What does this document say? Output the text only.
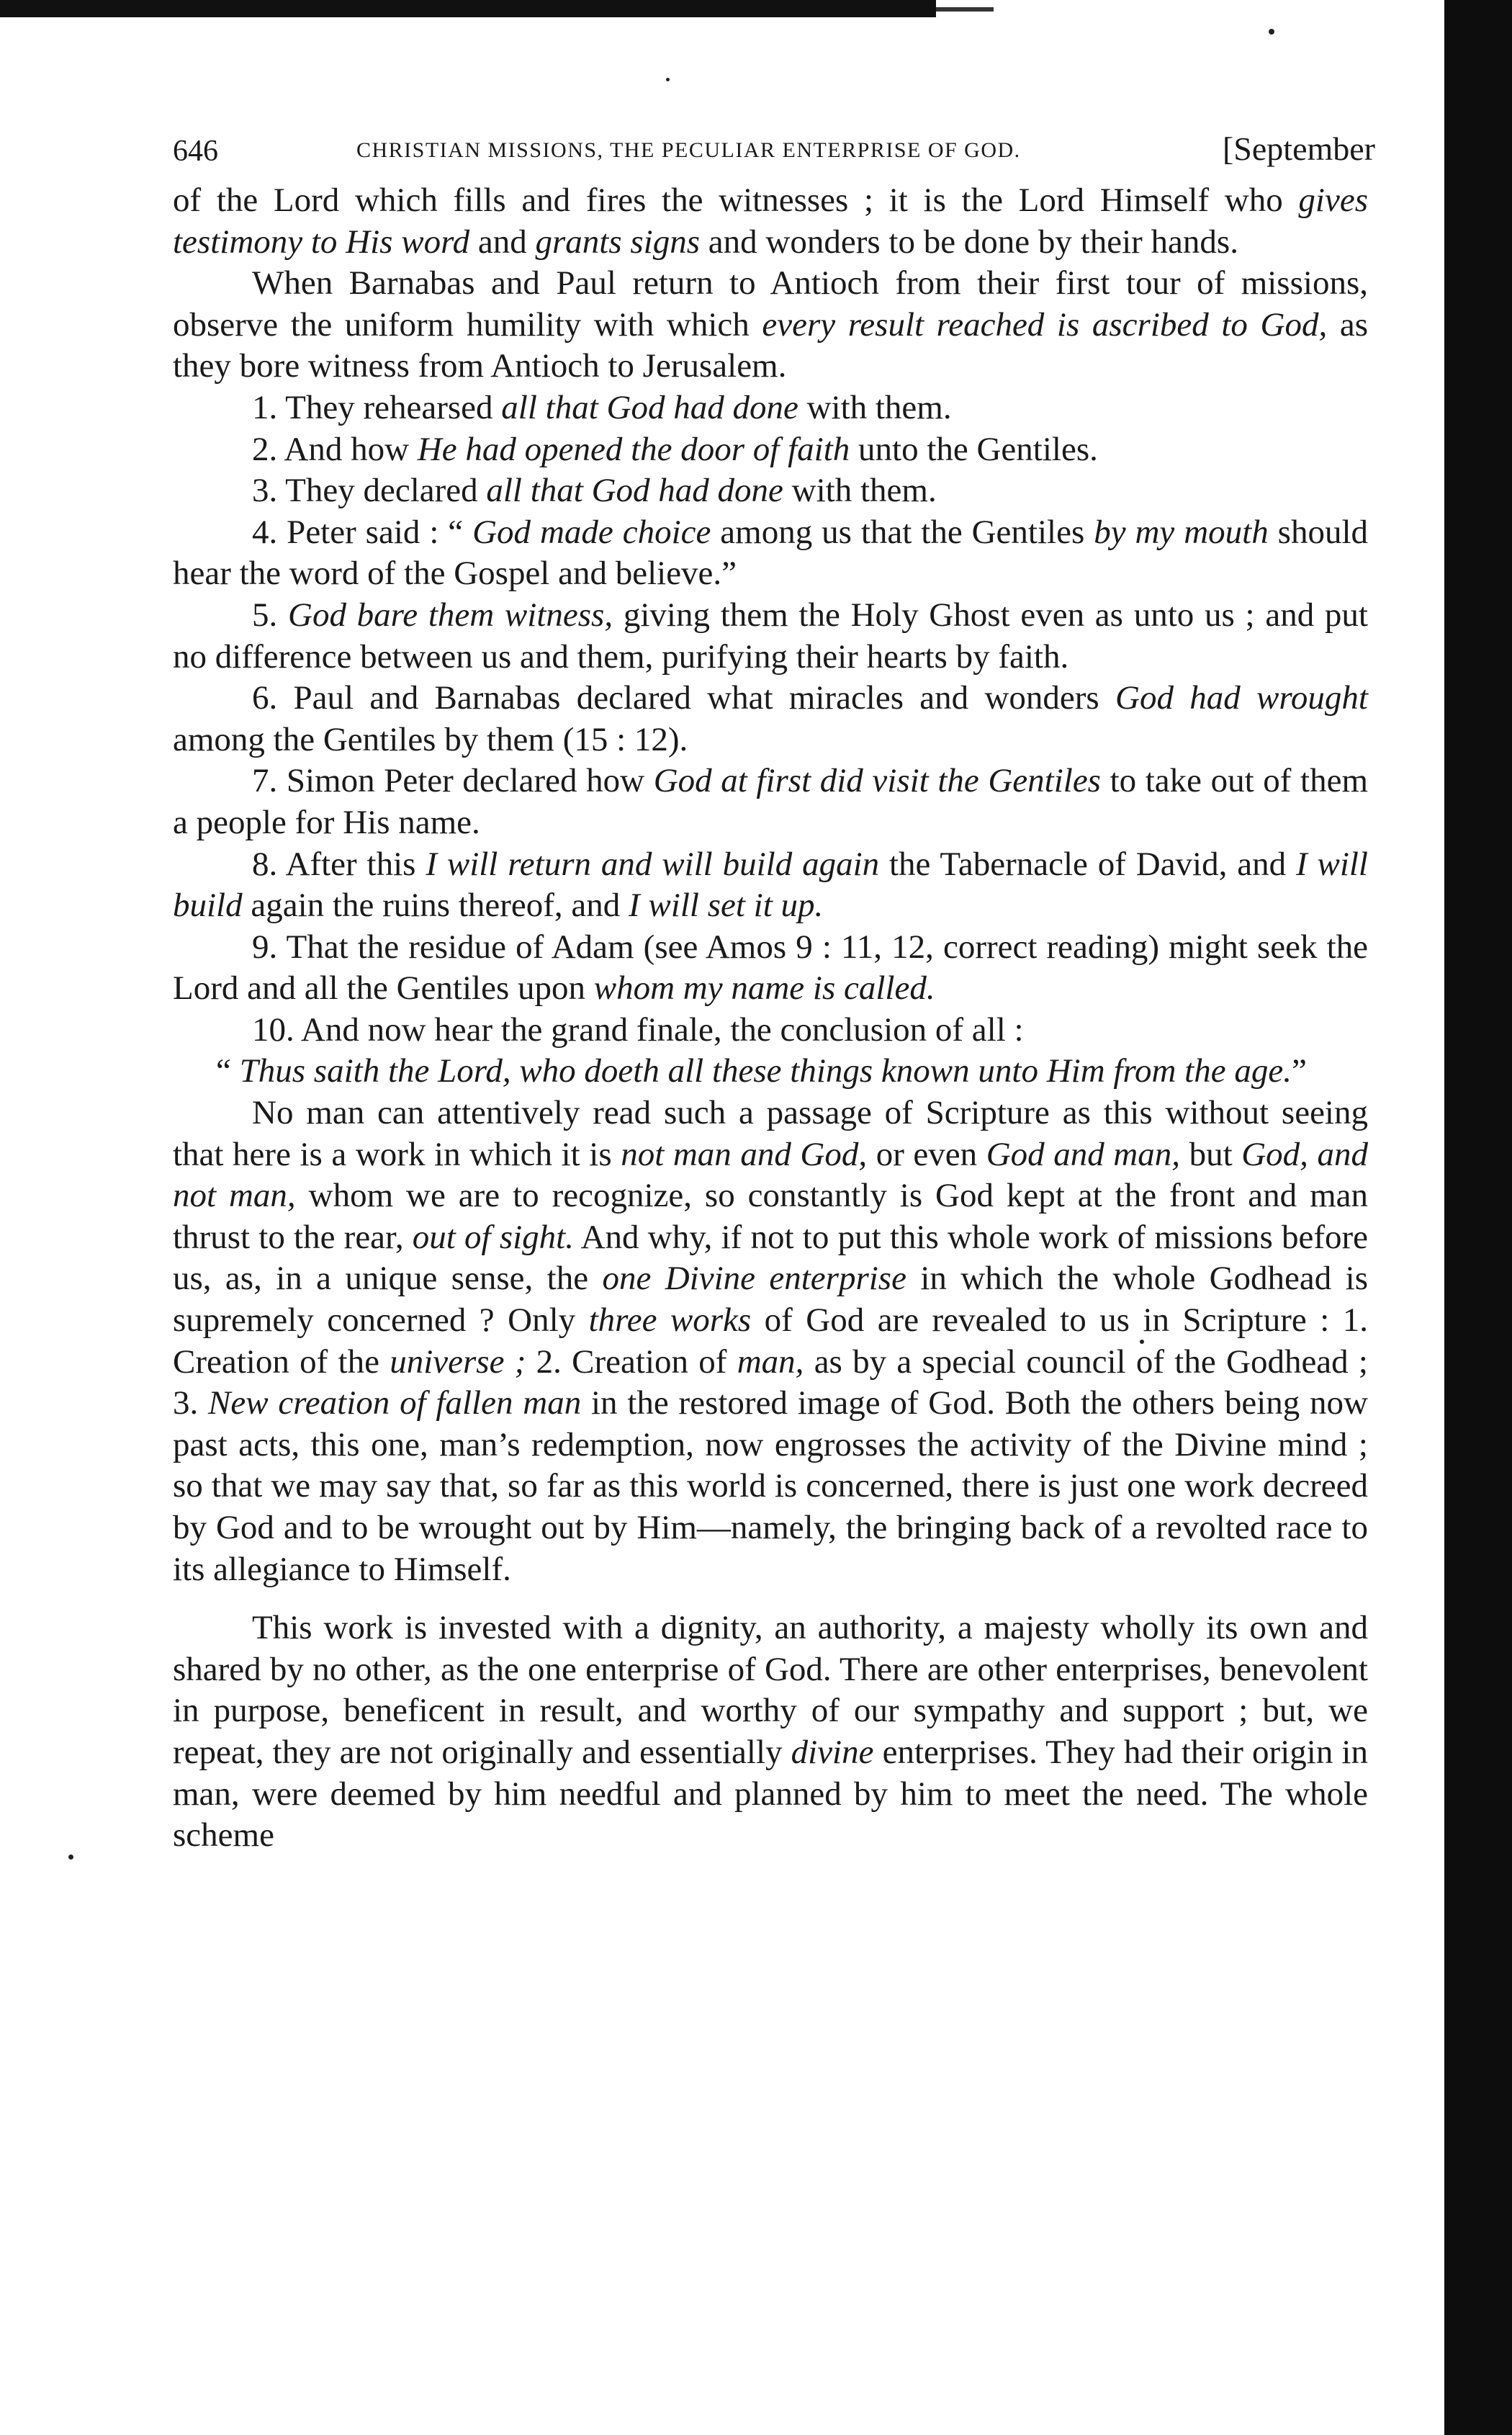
646	CHRISTIAN MISSIONS, THE PECULIAR ENTERPRISE OF GOD.	[September

of the Lord which fills and fires the witnesses ; it is the Lord Himself who gives testimony to His word and grants signs and wonders to be done by their hands.

When Barnabas and Paul return to Antioch from their first tour of missions, observe the uniform humility with which every result reached is ascribed to God, as they bore witness from Antioch to Jerusalem.

1. They rehearsed all that God had done with them.

2. And how He had opened the door of faith unto the Gentiles.

3. They declared all that God had done with them.

4. Peter said : “ God made choice among us that the Gentiles by my mouth should hear the word of the Gospel and believe.”

5. God bare them witness, giving them the Holy Ghost even as unto us ; and put no difference between us and them, purifying their hearts by faith.

6. Paul and Barnabas declared what miracles and wonders God had wrought among the Gentiles by them (15 : 12).

7. Simon Peter declared how God at first did visit the Gentiles to take out of them a people for His name.

8. After this I will return and will build again the Tabernacle of David, and I will build again the ruins thereof, and I will set it up.

9. That the residue of Adam (see Amos 9 : 11, 12, correct reading) might seek the Lord and all the Gentiles upon whom my name is called.

10. And now hear the grand finale, the conclusion of all :

“ Thus saith the Lord, who doeth all these things known unto Him from the age.”

No man can attentively read such a passage of Scripture as this without seeing that here is a work in which it is not man and God, or even God and man, but God, and not man, whom we are to recognize, so constantly is God kept at the front and man thrust to the rear, out of sight. And why, if not to put this whole work of missions before us, as, in a unique sense, the one Divine enterprise in which the whole Godhead is supremely concerned ? Only three works of God are revealed to us in Scripture : 1. Creation of the universe ; 2. Creation of man, as by a special council of the Godhead ; 3. New creation of fallen man in the restored image of God. Both the others being now past acts, this one, man’s redemption, now engrosses the activity of the Divine mind ; so that we may say that, so far as this world is concerned, there is just one work decreed by God and to be wrought out by Him—namely, the bringing back of a revolted race to its allegiance to Himself.

This work is invested with a dignity, an authority, a majesty wholly its own and shared by no other, as the one enterprise of God. There are other enterprises, benevolent in purpose, beneficent in result, and worthy of our sympathy and support ; but, we repeat, they are not originally and essentially divine enterprises. They had their origin in man, were deemed by him needful and planned by him to meet the need. The whole scheme
